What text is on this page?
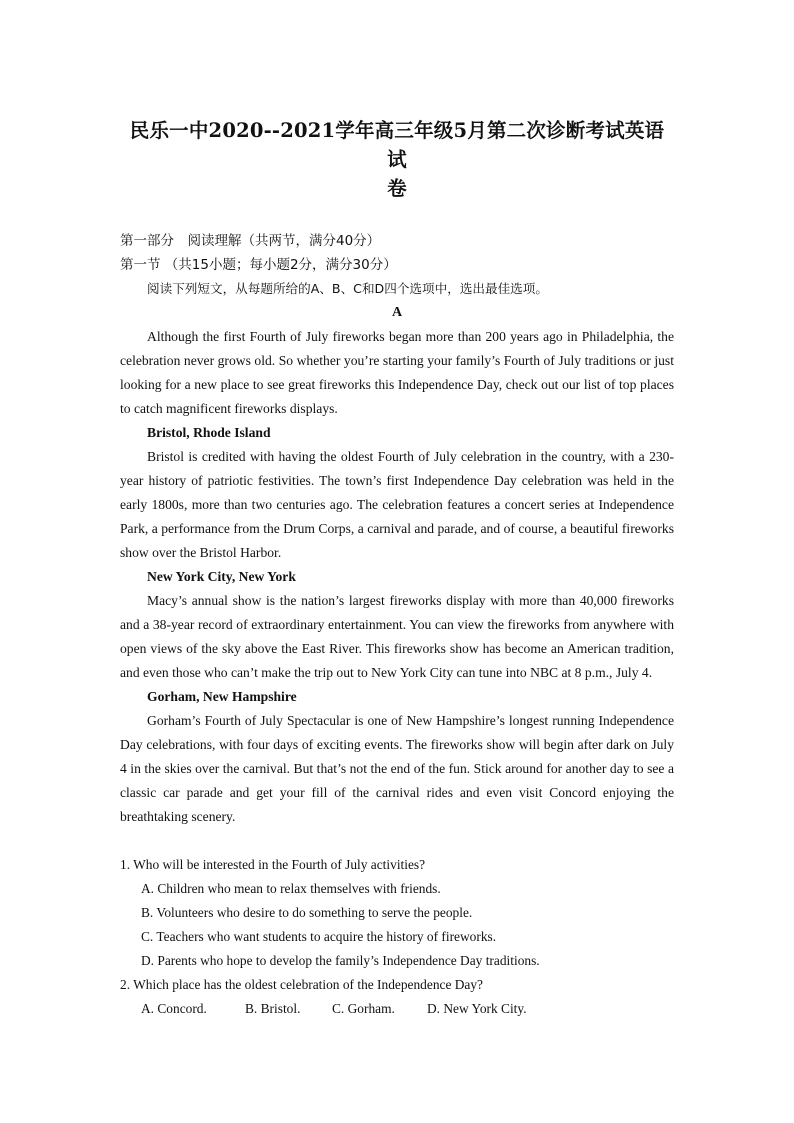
民乐一中2020--2021学年高三年级5月第二次诊断考试英语试
卷
第一部分　阅读理解（共两节，满分40分）
第一节 （共15小题；每小题2分，满分30分）
阅读下列短文，从每题所给的A、B、C和D四个选项中，选出最佳选项。
A

Although the first Fourth of July fireworks began more than 200 years ago in Philadelphia, the celebration never grows old. So whether you’re starting your family’s Fourth of July traditions or just looking for a new place to see great fireworks this Independence Day, check out our list of top places to catch magnificent fireworks displays.

Bristol, Rhode Island

Bristol is credited with having the oldest Fourth of July celebration in the country, with a 230-year history of patriotic festivities. The town’s first Independence Day celebration was held in the early 1800s, more than two centuries ago. The celebration features a concert series at Independence Park, a performance from the Drum Corps, a carnival and parade, and of course, a beautiful fireworks show over the Bristol Harbor.

New York City, New York

Macy’s annual show is the nation’s largest fireworks display with more than 40,000 fireworks and a 38-year record of extraordinary entertainment. You can view the fireworks from anywhere with open views of the sky above the East River. This fireworks show has become an American tradition, and even those who can’t make the trip out to New York City can tune into NBC at 8 p.m., July 4.

Gorham, New Hampshire

Gorham’s Fourth of July Spectacular is one of New Hampshire’s longest running Independence Day celebrations, with four days of exciting events. The fireworks show will begin after dark on July 4 in the skies over the carnival. But that’s not the end of the fun. Stick around for another day to see a classic car parade and get your fill of the carnival rides and even visit Concord enjoying the breathtaking scenery.

1. Who will be interested in the Fourth of July activities?
A. Children who mean to relax themselves with friends.
B. Volunteers who desire to do something to serve the people.
C. Teachers who want students to acquire the history of fireworks.
D. Parents who hope to develop the family’s Independence Day traditions.
2. Which place has the oldest celebration of the Independence Day?
A. Concord.	B. Bristol.	C. Gorham.	D. New York City.
